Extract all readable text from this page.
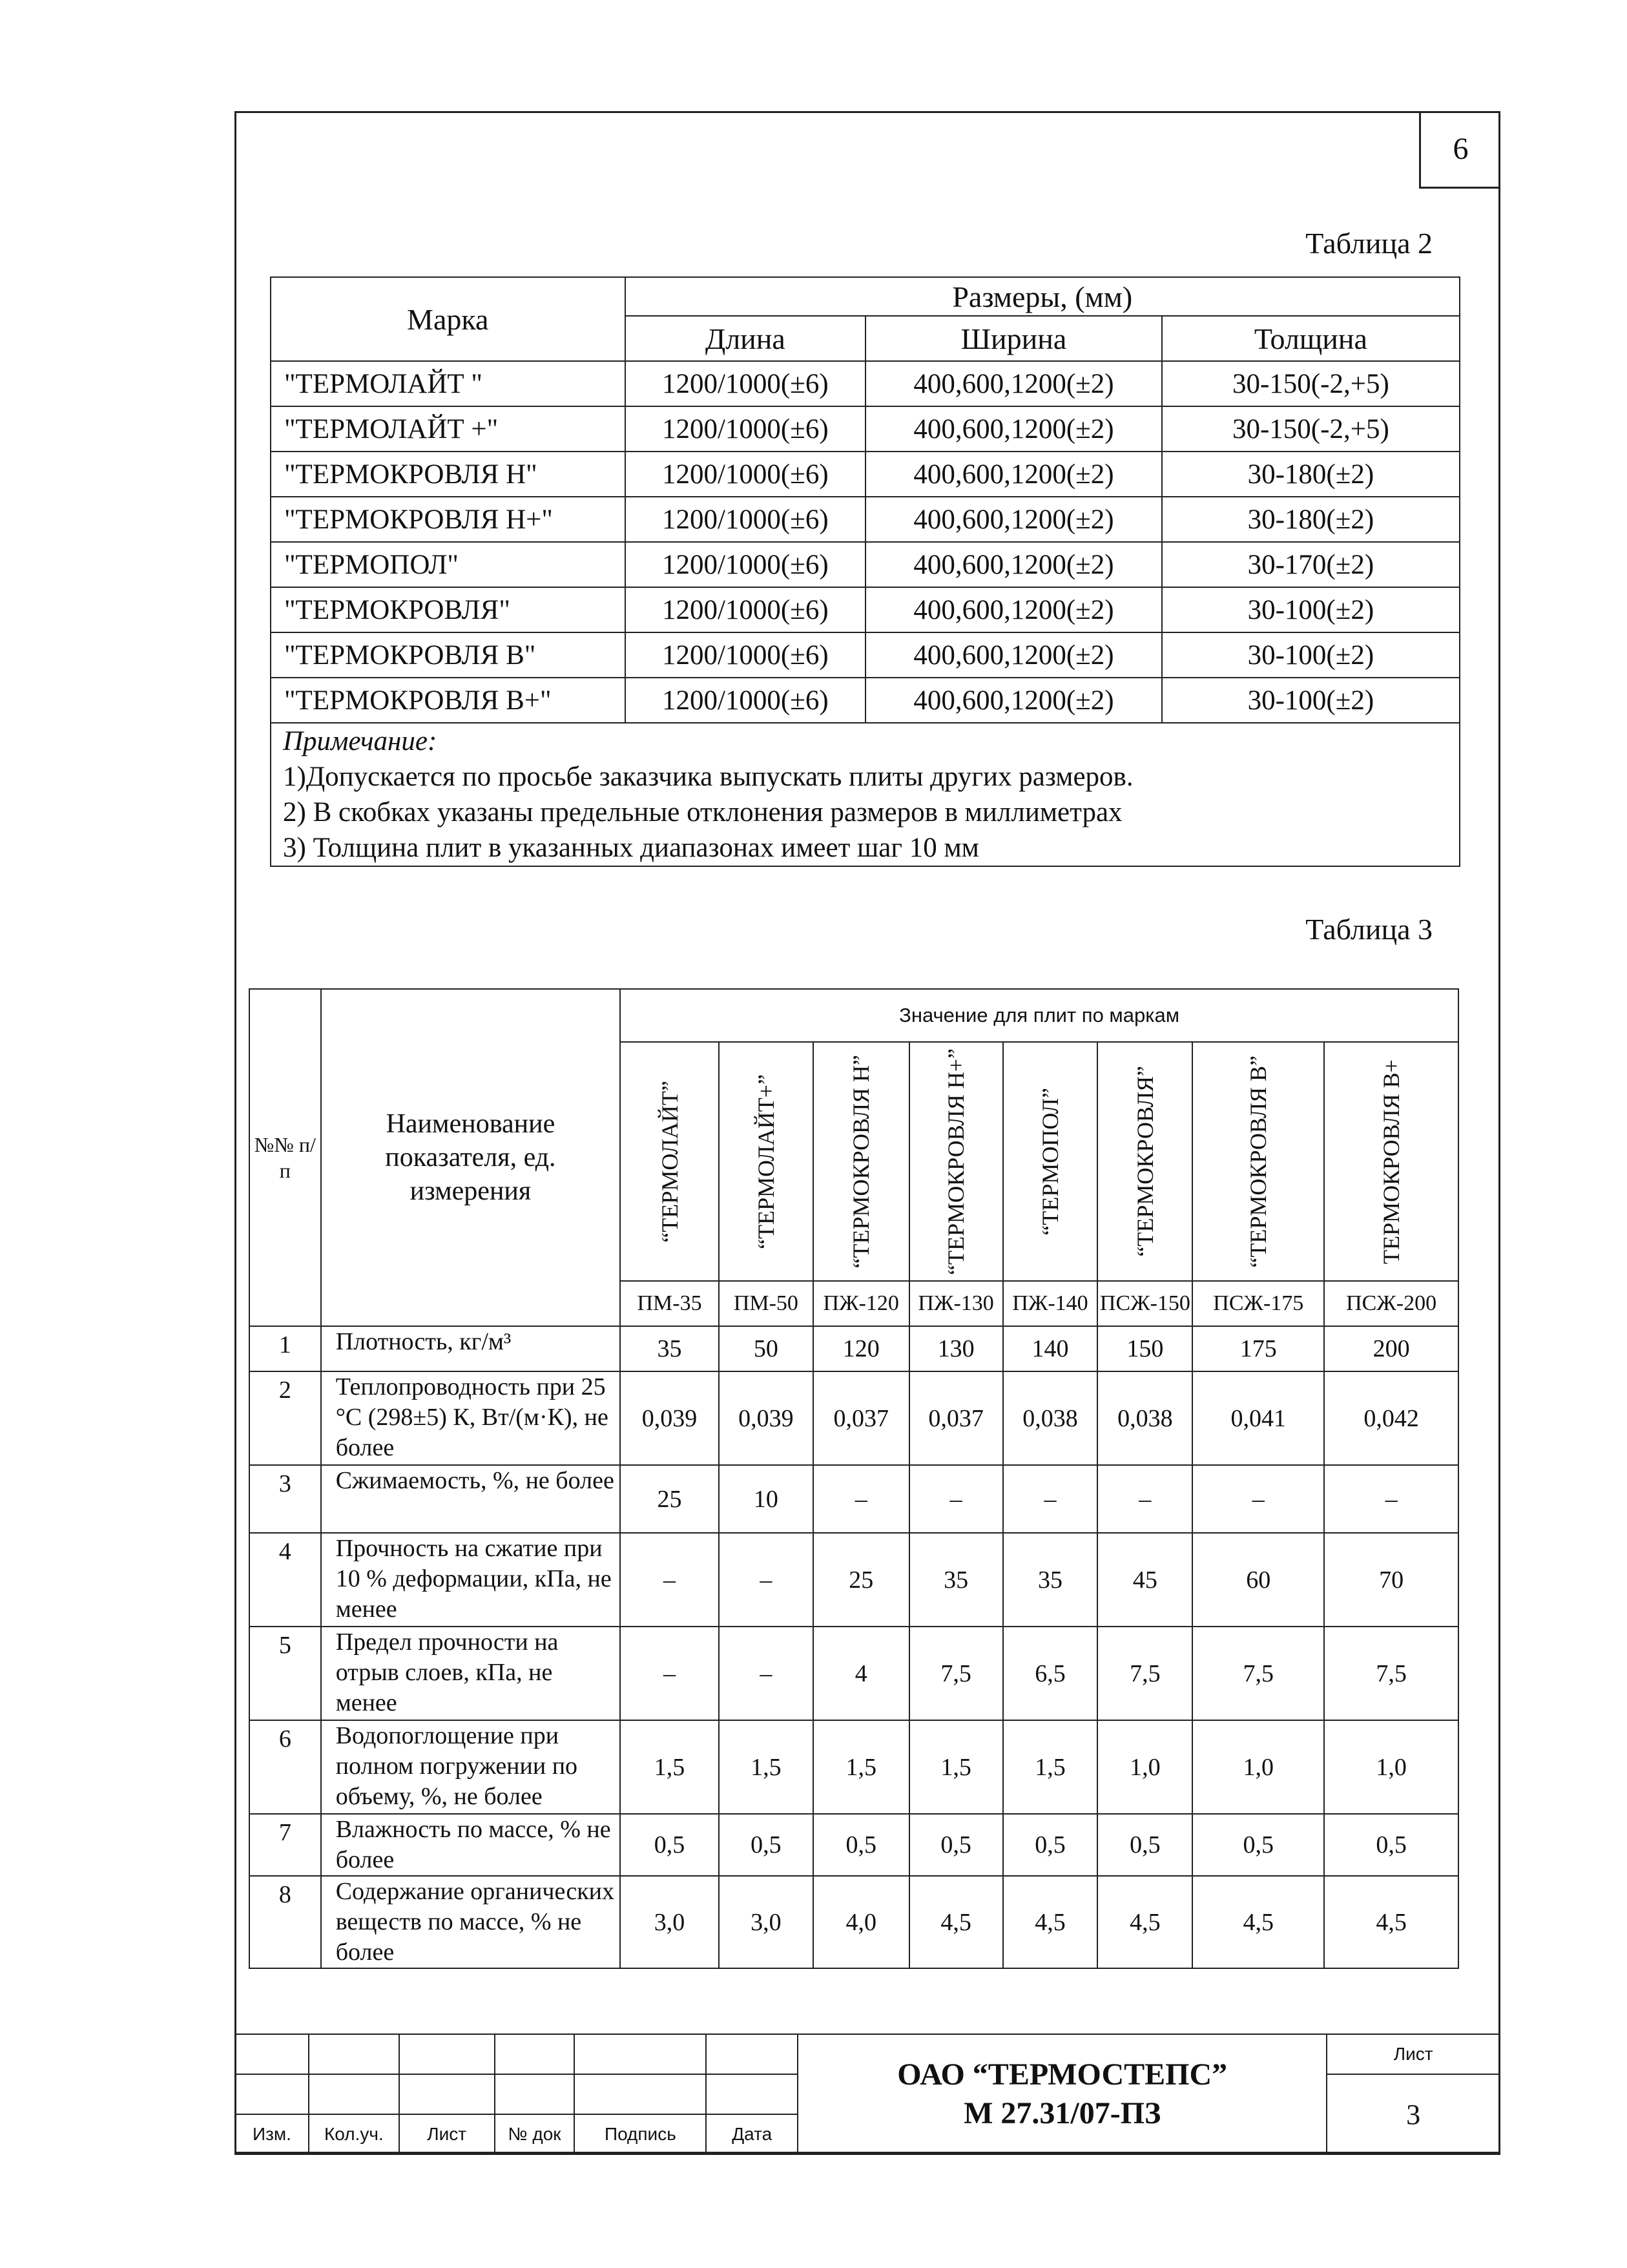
6
Таблица 2
Марка	Размеры, (мм)		
	Длина	Ширина	Толщина
"ТЕРМОЛАЙТ "	1200/1000(±6)	400,600,1200(±2)	30-150(-2,+5)
"ТЕРМОЛАЙТ +"	1200/1000(±6)	400,600,1200(±2)	30-150(-2,+5)
"ТЕРМОКРОВЛЯ Н"	1200/1000(±6)	400,600,1200(±2)	30-180(±2)
"ТЕРМОКРОВЛЯ Н+"	1200/1000(±6)	400,600,1200(±2)	30-180(±2)
"ТЕРМОПОЛ"	1200/1000(±6)	400,600,1200(±2)	30-170(±2)
"ТЕРМОКРОВЛЯ"	1200/1000(±6)	400,600,1200(±2)	30-100(±2)
"ТЕРМОКРОВЛЯ В"	1200/1000(±6)	400,600,1200(±2)	30-100(±2)
"ТЕРМОКРОВЛЯ В+"	1200/1000(±6)	400,600,1200(±2)	30-100(±2)
Примечание:			
1)Допускается по просьбе заказчика выпускать плиты других размеров.			
2) В скобках указаны предельные отклонения размеров в миллиметрах			
3) Толщина плит в указанных диапазонах имеет шаг 10 мм			
Таблица 3
№№ п/п	Наименование показателя, ед. измерения	Значение для плит по маркам							

		“ТЕРМОЛАЙТ”	“ТЕРМОЛАЙТ+”	“ТЕРМОКРОВЛЯ Н”	“ТЕРМОКРОВЛЯ Н+”	“ТЕРМОПОЛ”	“ТЕРМОКРОВЛЯ”	“ТЕРМОКРОВЛЯ В”	ТЕРМОКРОВЛЯ В+

		ПМ-35	ПМ-50	ПЖ-120	ПЖ-130	ПЖ-140	ПСЖ-150	ПСЖ-175	ПСЖ-200
1	Плотность, кг/м³	35	50	120	130	140	150	175	200
2	Теплопроводность при 25 °С (298±5) К, Вт/(м·К), не более	0,039	0,039	0,037	0,037	0,038	0,038	0,041	0,042
3	Сжимаемость, %, не более	25	10	–	–	–	–	–	–
4	Прочность на сжатие при 10 % деформации, кПа, не менее	–	–	25	35	35	45	60	70
5	Предел прочности на отрыв слоев, кПа, не менее	–	–	4	7,5	6,5	7,5	7,5	7,5
6	Водопоглощение при полном погружении по объему, %, не более	1,5	1,5	1,5	1,5	1,5	1,0	1,0	1,0
7	Влажность по массе, % не более	0,5	0,5	0,5	0,5	0,5	0,5	0,5	0,5
8	Содержание органических веществ по массе, % не более	3,0	3,0	4,0	4,5	4,5	4,5	4,5	4,5

						ОАО “ТЕРМОСТЕПС”
М 27.31/07-ПЗ	Лист
							3
Изм.	Кол.уч.	Лист	№ док	Подпись	Дата		
